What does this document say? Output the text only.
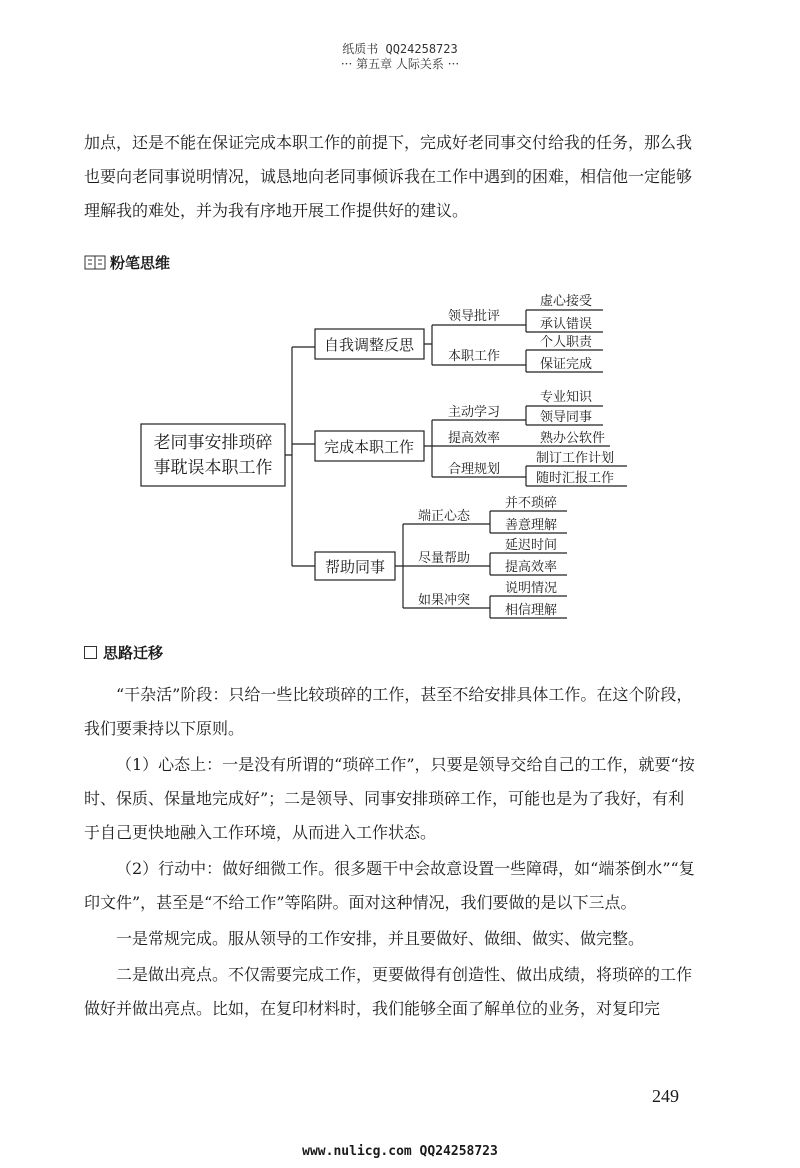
纸质书 QQ24258723
··· 第五章 人际关系 ···

加点，还是不能在保证完成本职工作的前提下，完成好老同事交付给我的任务，那么我也要向老同事说明情况，诚恳地向老同事倾诉我在工作中遇到的困难，相信他一定能够理解我的难处，并为我有序地开展工作提供好的建议。

粉笔思维
老同事安排琐碎
事耽误本职工作
自我调整反思
完成本职工作
帮助同事
领导批评
本职工作
虚心接受
承认错误
个人职责
保证完成
主动学习
提高效率
合理规划
专业知识
领导同事
熟办公软件
制订工作计划
随时汇报工作
端正心态
尽量帮助
如果冲突
并不琐碎
善意理解
延迟时间
提高效率
说明情况
相信理解
思路迁移

“干杂活”阶段：只给一些比较琐碎的工作，甚至不给安排具体工作。在这个阶段，我们要秉持以下原则。

（1）心态上：一是没有所谓的“琐碎工作”，只要是领导交给自己的工作，就要“按时、保质、保量地完成好”；二是领导、同事安排琐碎工作，可能也是为了我好，有利于自己更快地融入工作环境，从而进入工作状态。

（2）行动中：做好细微工作。很多题干中会故意设置一些障碍，如“端茶倒水”“复印文件”，甚至是“不给工作”等陷阱。面对这种情况，我们要做的是以下三点。

一是常规完成。服从领导的工作安排，并且要做好、做细、做实、做完整。

二是做出亮点。不仅需要完成工作，更要做得有创造性、做出成绩，将琐碎的工作做好并做出亮点。比如，在复印材料时，我们能够全面了解单位的业务，对复印完

249
www.nulicg.com QQ24258723
